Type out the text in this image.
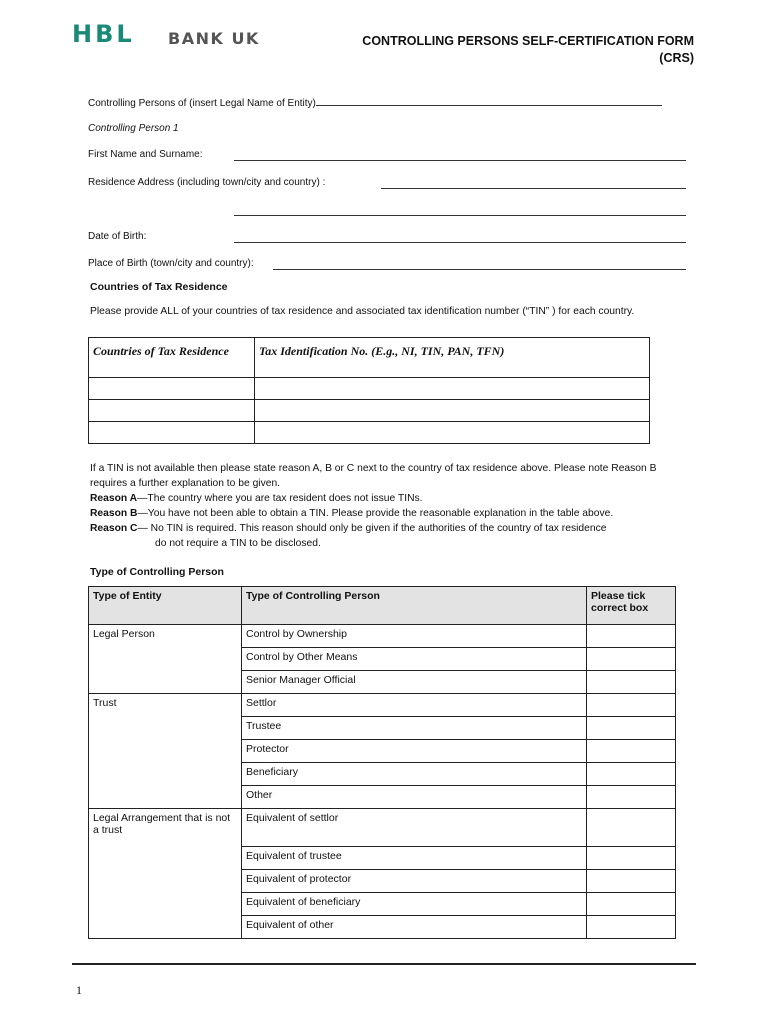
HBL BANK UK	CONTROLLING PERSONS SELF-CERTIFICATION FORM
(CRS)
Controlling Persons of (insert Legal Name of Entity)
Controlling Person 1
First Name and Surname:
Residence Address (including town/city and country) :
Date of Birth:
Place of Birth (town/city and country):
Countries of Tax Residence
Please provide ALL of your countries of tax residence and associated tax identification number (“TIN” ) for each country.
Countries of Tax Residence	Tax Identification No. (E.g., NI, TIN, PAN, TFN)

If a TIN is not available then please state reason A, B or C next to the country of tax residence above. Please note Reason B requires a further explanation to be given.
Reason A—The country where you are tax resident does not issue TINs.
Reason B—You have not been able to obtain a TIN. Please provide the reasonable explanation in the table above.
Reason C— No TIN is required. This reason should only be given if the authorities of the country of tax residence
do not require a TIN to be disclosed.
Type of Controlling Person
Type of Entity	Type of Controlling Person	Please tick correct box
Legal Person	Control by Ownership	
	Control by Other Means	
	Senior Manager Official	
Trust	Settlor	
	Trustee	
	Protector	
	Beneficiary	
	Other	
Legal Arrangement that is not a trust	Equivalent of settlor	
	Equivalent of trustee	
	Equivalent of protector	
	Equivalent of beneficiary	
	Equivalent of other	
1
